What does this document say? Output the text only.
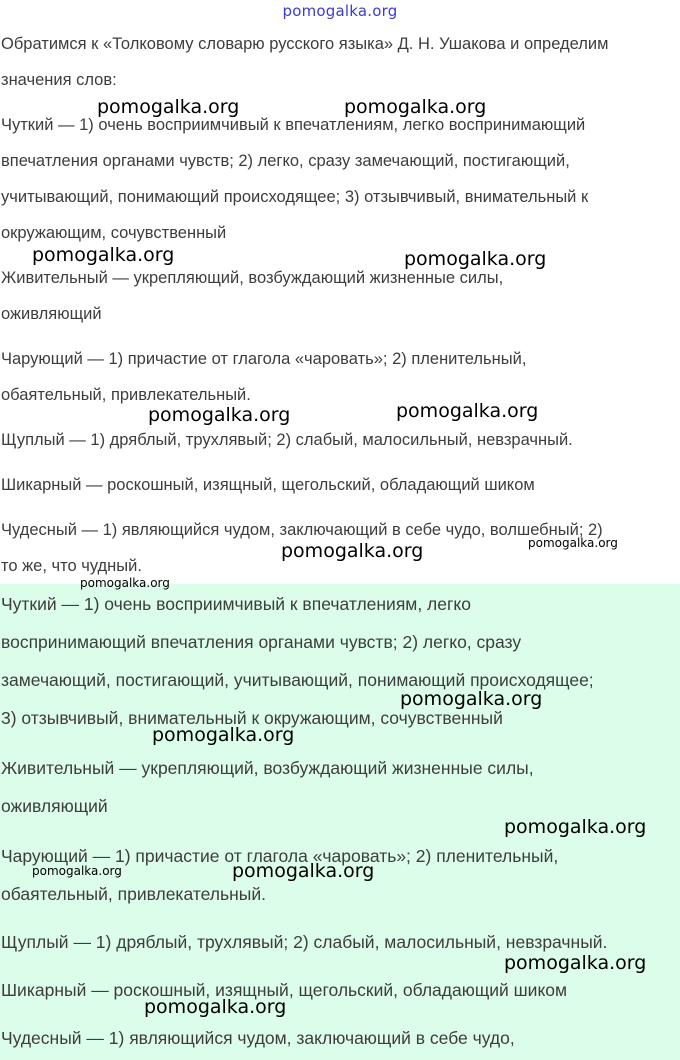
pomogalka.org
Обратимся к «Толковому словарю русского языка» Д. Н. Ушакова и определим
значения слов:
Чуткий — 1) очень восприимчивый к впечатлениям, легко воспринимающий
впечатления органами чувств; 2) легко, сразу замечающий, постигающий,
учитывающий, понимающий происходящее; 3) отзывчивый, внимательный к
окружающим, сочувственный
Живительный — укрепляющий, возбуждающий жизненные силы,
оживляющий
Чарующий — 1) причастие от глагола «чаровать»; 2) пленительный,
обаятельный, привлекательный.
Щуплый — 1) дряблый, трухлявый; 2) слабый, малосильный, невзрачный.
Шикарный — роскошный, изящный, щегольский, обладающий шиком
Чудесный — 1) являющийся чудом, заключающий в себе чудо, волшебный; 2)
то же, что чудный.
Чуткий — 1) очень восприимчивый к впечатлениям, легко
воспринимающий впечатления органами чувств; 2) легко, сразу
замечающий, постигающий, учитывающий, понимающий происходящее;
3) отзывчивый, внимательный к окружающим, сочувственный
Живительный — укрепляющий, возбуждающий жизненные силы,
оживляющий
Чарующий — 1) причастие от глагола «чаровать»; 2) пленительный,
обаятельный, привлекательный.
Щуплый — 1) дряблый, трухлявый; 2) слабый, малосильный, невзрачный.
Шикарный — роскошный, изящный, щегольский, обладающий шиком
Чудесный — 1) являющийся чудом, заключающий в себе чудо,
pomogalka.org	pomogalka.org
pomogalka.org	pomogalka.org
pomogalka.org	pomogalka.org
pomogalka.org	pomogalka.org
pomogalka.org
pomogalka.org
pomogalka.org
pomogalka.org
pomogalka.org	pomogalka.org
pomogalka.org
pomogalka.org
